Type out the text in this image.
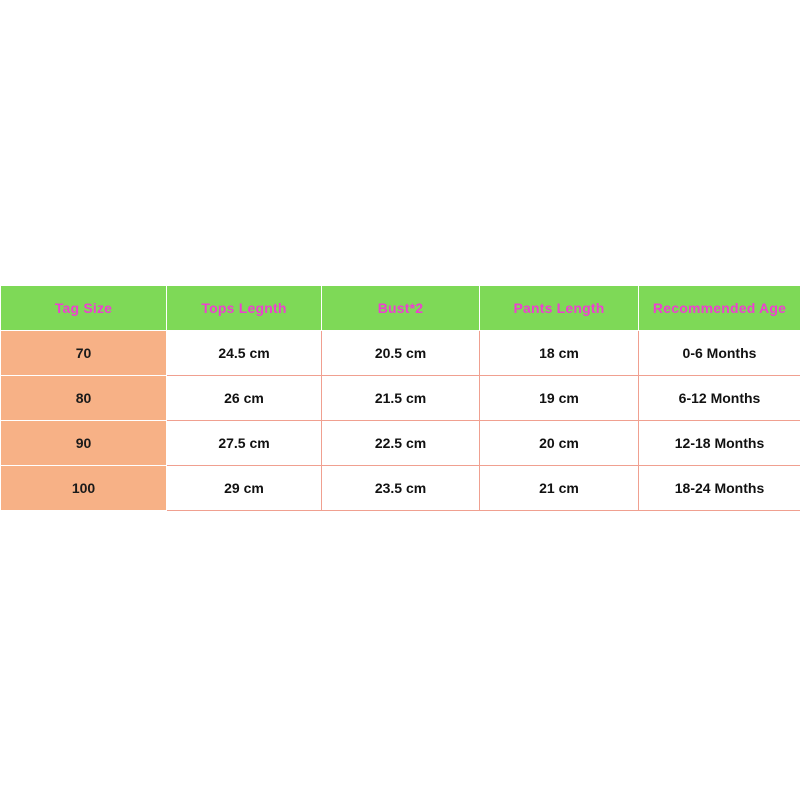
Tag Size	Tops Legnth	Bust*2	Pants Length	Recommended Age
70	24.5 cm	20.5 cm	18 cm	0-6 Months
80	26 cm	21.5 cm	19 cm	6-12 Months
90	27.5 cm	22.5 cm	20 cm	12-18 Months
100	29 cm	23.5 cm	21 cm	18-24 Months
